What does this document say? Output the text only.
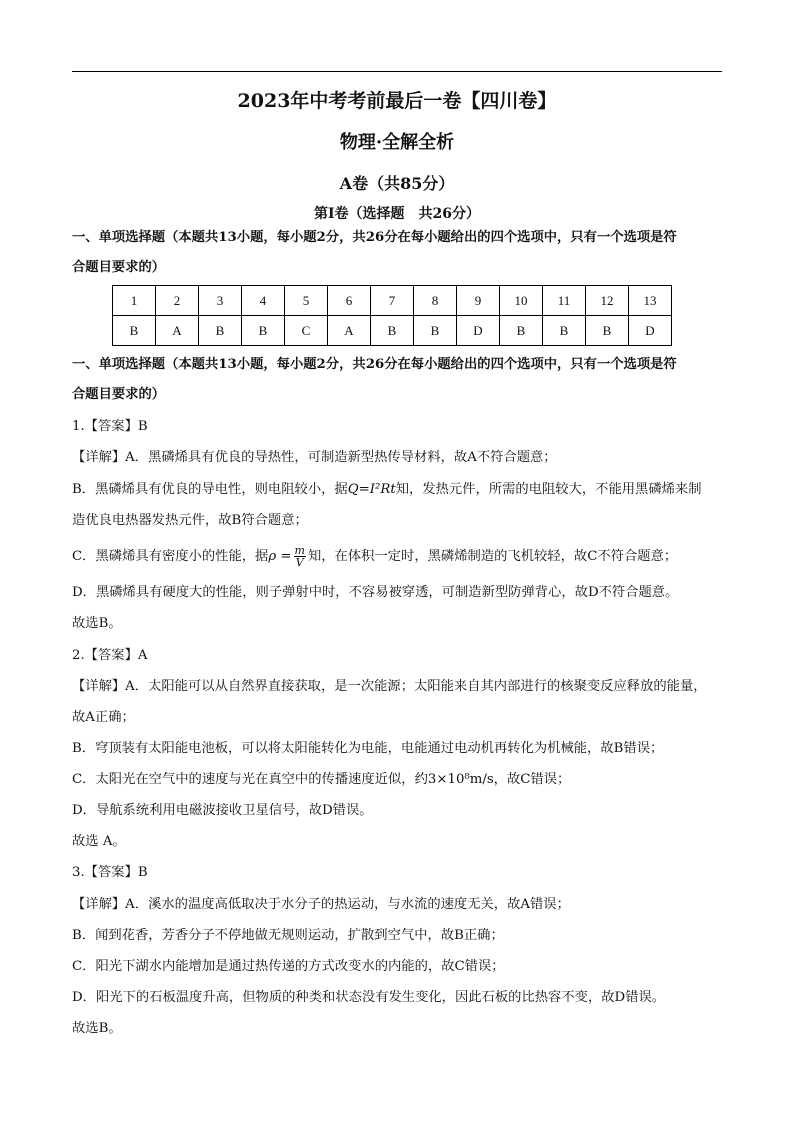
2023年中考考前最后一卷【四川卷】
物理·全解全析
A卷（共85分）
第Ⅰ卷（选择题　共26分）
一、单项选择题（本题共13小题，每小题2分，共26分在每小题给出的四个选项中，只有一个选项是符
合题目要求的）
1	2	3	4	5	6	7	8	9	10	11	12	13
B	A	B	B	C	A	B	B	D	B	B	B	D
一、单项选择题（本题共13小题，每小题2分，共26分在每小题给出的四个选项中，只有一个选项是符
合题目要求的）
1.【答案】B
【详解】A．黑磷烯具有优良的导热性，可制造新型热传导材料，故A不符合题意；
B．黑磷烯具有优良的导电性，则电阻较小，据Q=I²Rt知，发热元件，所需的电阻较大，不能用黑磷烯来制
造优良电热器发热元件，故B符合题意；
C．黑磷烯具有密度小的性能，据$\rho = \frac{m}{V}$ 知，在体积一定时，黑磷烯制造的飞机较轻，故C不符合题意；
D．黑磷烯具有硬度大的性能，则子弹射中时，不容易被穿透，可制造新型防弹背心，故D不符合题意。
故选B。
2.【答案】A
【详解】A．太阳能可以从自然界直接获取，是一次能源；太阳能来自其内部进行的核聚变反应释放的能量，
故A正确；
B．穹顶装有太阳能电池板，可以将太阳能转化为电能，电能通过电动机再转化为机械能，故B错误；
C．太阳光在空气中的速度与光在真空中的传播速度近似，约3×10⁸m/s，故C错误；
D．导航系统利用电磁波接收卫星信号，故D错误。
故选 A。
3.【答案】B
【详解】A．溪水的温度高低取决于水分子的热运动，与水流的速度无关，故A错误；
B．闻到花香，芳香分子不停地做无规则运动，扩散到空气中，故B正确；
C．阳光下湖水内能增加是通过热传递的方式改变水的内能的，故C错误；
D．阳光下的石板温度升高，但物质的种类和状态没有发生变化，因此石板的比热容不变，故D错误。
故选B。
